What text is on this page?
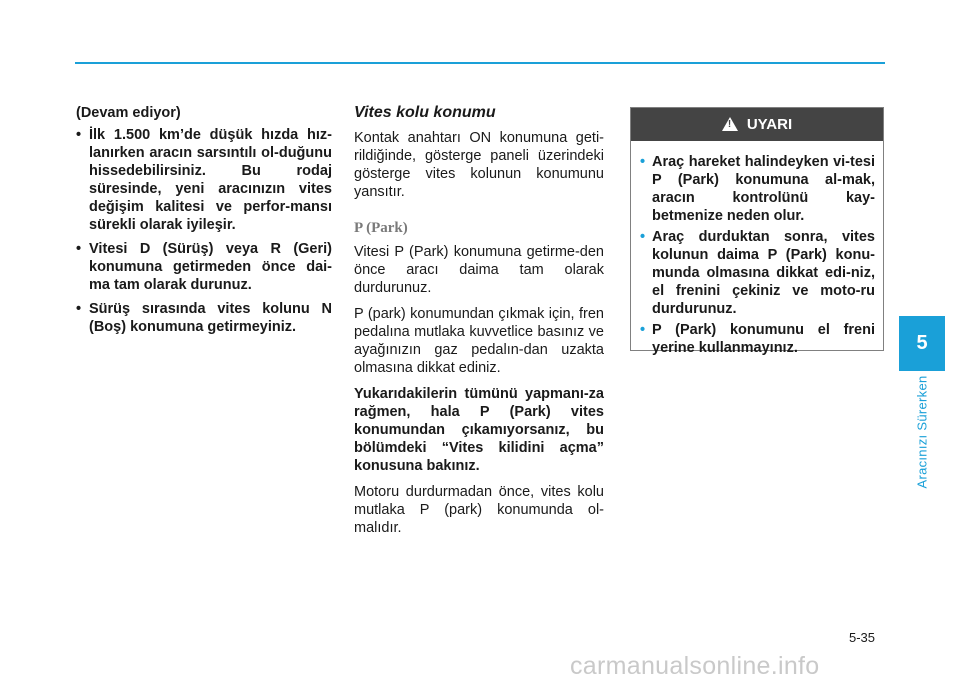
(Devam ediyor)
• İlk 1.500 km’de düşük hızda hız-lanırken aracın sarsıntılı ol-duğunu hissedebilirsiniz. Bu rodaj süresinde, yeni aracınızın vites değişim kalitesi ve perfor-mansı sürekli olarak iyileşir.
• Vitesi D (Sürüş) veya R (Geri) konumuna getirmeden önce dai-ma tam olarak durunuz.
• Sürüş sırasında vites kolunu N (Boş) konumuna getirmeyiniz.
Vites kolu konumu

Kontak anahtarı ON konumuna geti-rildiğinde, gösterge paneli üzerindeki gösterge vites kolunun konumunu yansıtır.

P (Park)

Vitesi P (Park) konumuna getirme-den önce aracı daima tam olarak durdurunuz.

P (park) konumundan çıkmak için, fren pedalına mutlaka kuvvetlice basınız ve ayağınızın gaz pedalın-dan uzakta olmasına dikkat ediniz.

Yukarıdakilerin tümünü yapmanı-za rağmen, hala P (Park) vites konumundan çıkamıyorsanız, bu bölümdeki “Vites kilidini açma” konusuna bakınız.

Motoru durdurmadan önce, vites kolu mutlaka P (park) konumunda ol-malıdır.

! UYARI
• Araç hareket halindeyken vi-tesi P (Park) konumuna al-mak, aracın kontrolünü kay-betmenize neden olur.
• Araç durduktan sonra, vites kolunun daima P (Park) konu-munda olmasına dikkat edi-niz, el frenini çekiniz ve moto-ru durdurunuz.
• P (Park) konumunu el freni yerine kullanmayınız.	5
Aracınızı Sürerken
5-35
carmanualsonline.info
